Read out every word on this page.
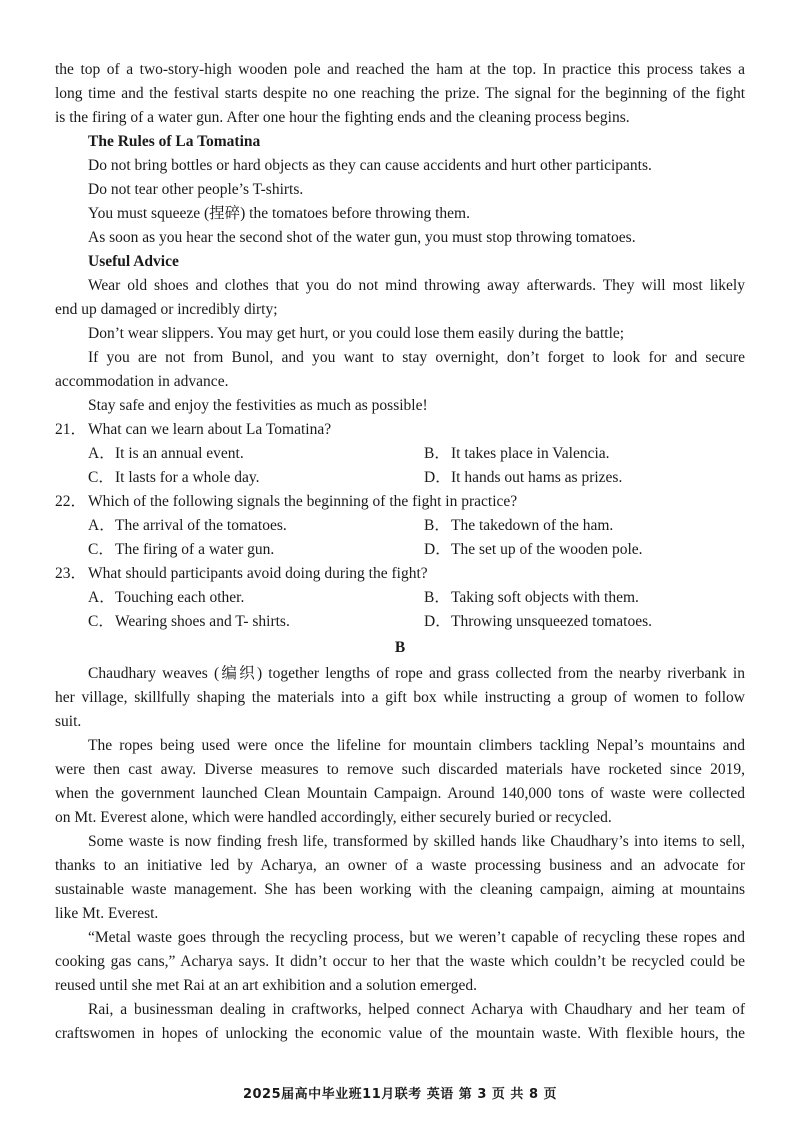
the top of a two-story-high wooden pole and reached the ham at the top. In practice this process takes a
long time and the festival starts despite no one reaching the prize. The signal for the beginning of the fight
is the firing of a water gun. After one hour the fighting ends and the cleaning process begins.
The Rules of La Tomatina
Do not bring bottles or hard objects as they can cause accidents and hurt other participants.
Do not tear other people’s T-shirts.
You must squeeze (捏碎) the tomatoes before throwing them.
As soon as you hear the second shot of the water gun, you must stop throwing tomatoes.
Useful Advice
Wear old shoes and clothes that you do not mind throwing away afterwards. They will most likely
end up damaged or incredibly dirty;
Don’t wear slippers. You may get hurt, or you could lose them easily during the battle;
If you are not from Bunol, and you want to stay overnight, don’t forget to look for and secure
accommodation in advance.
Stay safe and enjoy the festivities as much as possible!
21． What can we learn about La Tomatina?
A．It is an annual event.	B．It takes place in Valencia.
C．It lasts for a whole day.	D．It hands out hams as prizes.
22． Which of the following signals the beginning of the fight in practice?
A．The arrival of the tomatoes.	B．The takedown of the ham.
C．The firing of a water gun.	D．The set up of the wooden pole.
23． What should participants avoid doing during the fight?
A．Touching each other.	B．Taking soft objects with them.
C．Wearing shoes and T- shirts.	D．Throwing unsqueezed tomatoes.
B
Chaudhary weaves (编织) together lengths of rope and grass collected from the nearby riverbank in
her village, skillfully shaping the materials into a gift box while instructing a group of women to follow
suit.
The ropes being used were once the lifeline for mountain climbers tackling Nepal’s mountains and
were then cast away. Diverse measures to remove such discarded materials have rocketed since 2019,
when the government launched Clean Mountain Campaign. Around 140,000 tons of waste were collected
on Mt. Everest alone, which were handled accordingly, either securely buried or recycled.
Some waste is now finding fresh life, transformed by skilled hands like Chaudhary’s into items to sell,
thanks to an initiative led by Acharya, an owner of a waste processing business and an advocate for
sustainable waste management. She has been working with the cleaning campaign, aiming at mountains
like Mt. Everest.
“Metal waste goes through the recycling process, but we weren’t capable of recycling these ropes and
cooking gas cans,” Acharya says. It didn’t occur to her that the waste which couldn’t be recycled could be
reused until she met Rai at an art exhibition and a solution emerged.
Rai, a businessman dealing in craftworks, helped connect Acharya with Chaudhary and her team of
craftswomen in hopes of unlocking the economic value of the mountain waste. With flexible hours, the
2025届高中毕业班11月联考 英语 第 3 页 共 8 页
